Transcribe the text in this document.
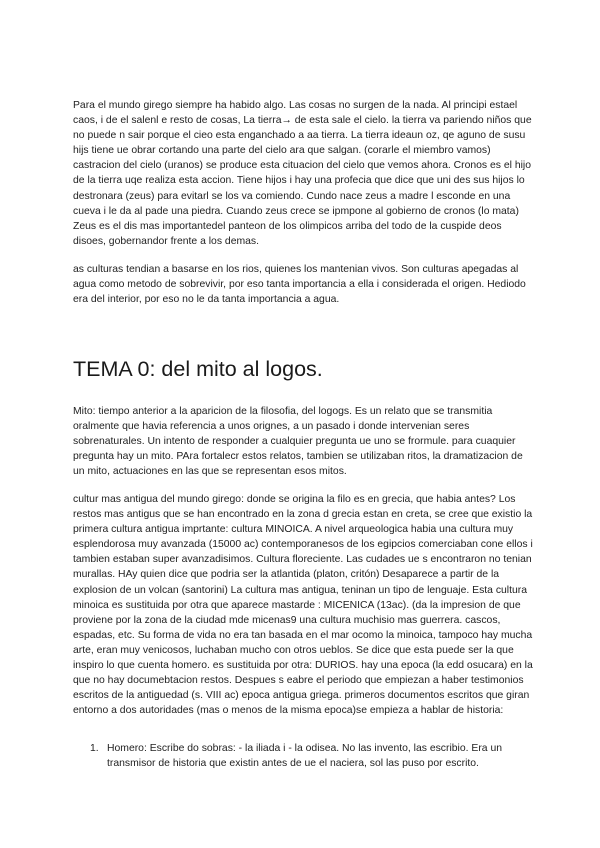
Para el mundo girego siempre ha habido algo. Las cosas no surgen de la nada. Al principi estael caos, i de el salenl e resto de cosas, La tierra→ de esta sale el cielo. la tierra va pariendo niños que no puede n sair porque el cieo esta enganchado a aa tierra. La tierra ideaun oz, qe aguno de susu hijs tiene ue obrar cortando una parte del cielo ara que salgan. (corarle el miembro vamos) castracion del cielo (uranos) se produce esta cituacion del cielo que vemos ahora. Cronos es el hijo de la tierra uqe realiza esta accion. Tiene hijos i hay una profecia que dice que uni des sus hijos lo destronara (zeus) para evitarl se los va comiendo. Cundo nace zeus a madre l esconde en una cueva i le da al pade una piedra. Cuando zeus crece se ipmpone al gobierno de cronos (lo mata) Zeus es el dis mas importantedel panteon de los olimpicos arriba del todo de la cuspide deos disoes, gobernandor frente a los demas.

as culturas tendian a basarse en los rios, quienes los mantenian vivos. Son culturas apegadas al agua como metodo de sobrevivir, por eso tanta importancia a ella i considerada el origen. Hediodo era del interior, por eso no le da tanta importancia a agua.

TEMA 0: del mito al logos.

Mito: tiempo anterior a la aparicion de la filosofia, del logogs. Es un relato que se transmitia oralmente que havia referencia a unos orignes, a un pasado i donde intervenian seres sobrenaturales. Un intento de responder a cualquier pregunta ue uno se frormule. para cuaquier pregunta hay un mito. PAra fortalecr estos relatos, tambien se utilizaban ritos, la dramatizacion de un mito, actuaciones en las que se representan esos mitos.

cultur mas antigua del mundo girego: donde se origina la filo es en grecia, que habia antes? Los restos mas antigus que se han encontrado en la zona d grecia estan en creta, se cree que existio la primera cultura antigua imprtante: cultura MINOICA. A nivel arqueologica habia una cultura muy esplendorosa muy avanzada (15000 ac) contemporanesos de los egipcios comerciaban cone ellos i tambien estaban super avanzadisimos. Cultura floreciente. Las cudades ue s encontraron no tenian murallas. HAy quien dice que podria ser la atlantida (platon, critón) Desaparece a partir de la explosion de un volcan (santorini) La cultura mas antigua, teninan un tipo de lenguaje. Esta cultura minoica es sustituida por otra que aparece mastarde : MICENICA (13ac). (da la impresion de que proviene por la zona de la ciudad mde micenas9 una cultura muchisio mas guerrera. cascos, espadas, etc. Su forma de vida no era tan basada en el mar ocomo la minoica, tampoco hay mucha arte, eran muy venicosos, luchaban mucho con otros ueblos. Se dice que esta puede ser la que inspiro lo que cuenta homero. es sustituida por otra: DURIOS. hay una epoca (la edd osucara) en la que no hay documebtacion restos. Despues s eabre el periodo que empiezan a haber testimonios escritos de la antiguedad (s. VIII ac) epoca antigua griega. primeros documentos escritos que giran entorno a dos autoridades (mas o menos de la misma epoca)se empieza a hablar de historia:

1. Homero: Escribe do sobras: - la iliada i - la odisea. No las invento, las escribio. Era un transmisor de historia que existin antes de ue el naciera, sol las puso por escrito.
